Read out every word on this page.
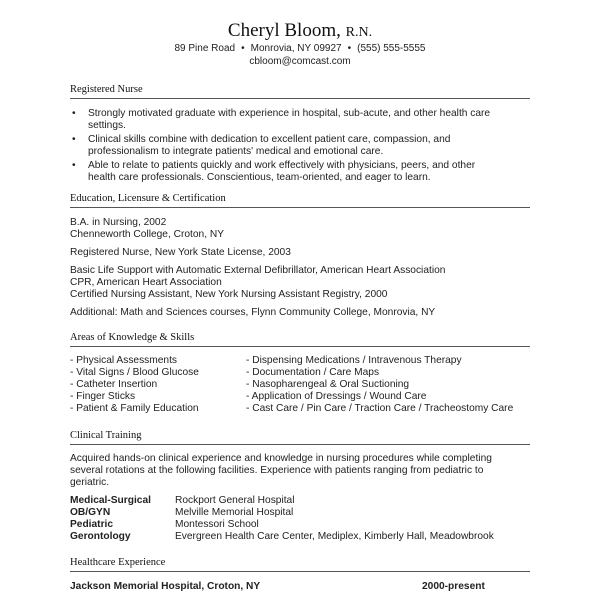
Cheryl Bloom, R.N.
89 Pine Road • Monrovia, NY 09927 • (555) 555-5555
cbloom@comcast.com
Registered Nurse
• Strongly motivated graduate with experience in hospital, sub-acute, and other health care
settings.
• Clinical skills combine with dedication to excellent patient care, compassion, and
professionalism to integrate patients' medical and emotional care.
• Able to relate to patients quickly and work effectively with physicians, peers, and other
health care professionals. Conscientious, team-oriented, and eager to learn.
Education, Licensure & Certification
B.A. in Nursing, 2002
Chenneworth College, Croton, NY
Registered Nurse, New York State License, 2003
Basic Life Support with Automatic External Defibrillator, American Heart Association
CPR, American Heart Association
Certified Nursing Assistant, New York Nursing Assistant Registry, 2000
Additional: Math and Sciences courses, Flynn Community College, Monrovia, NY
Areas of Knowledge & Skills
- Physical Assessments
- Vital Signs / Blood Glucose
- Catheter Insertion
- Finger Sticks
- Patient & Family Education
- Dispensing Medications / Intravenous Therapy
- Documentation / Care Maps
- Nasopharengeal & Oral Suctioning
- Application of Dressings / Wound Care
- Cast Care / Pin Care / Traction Care / Tracheostomy Care
Clinical Training
Acquired hands-on clinical experience and knowledge in nursing procedures while completing
several rotations at the following facilities. Experience with patients ranging from pediatric to
geriatric.
Medical-Surgical
OB/GYN
Pediatric
Gerontology
Rockport General Hospital
Melville Memorial Hospital
Montessori School
Evergreen Health Care Center, Mediplex, Kimberly Hall, Meadowbrook
Healthcare Experience
Jackson Memorial Hospital, Croton, NY	2000-present
